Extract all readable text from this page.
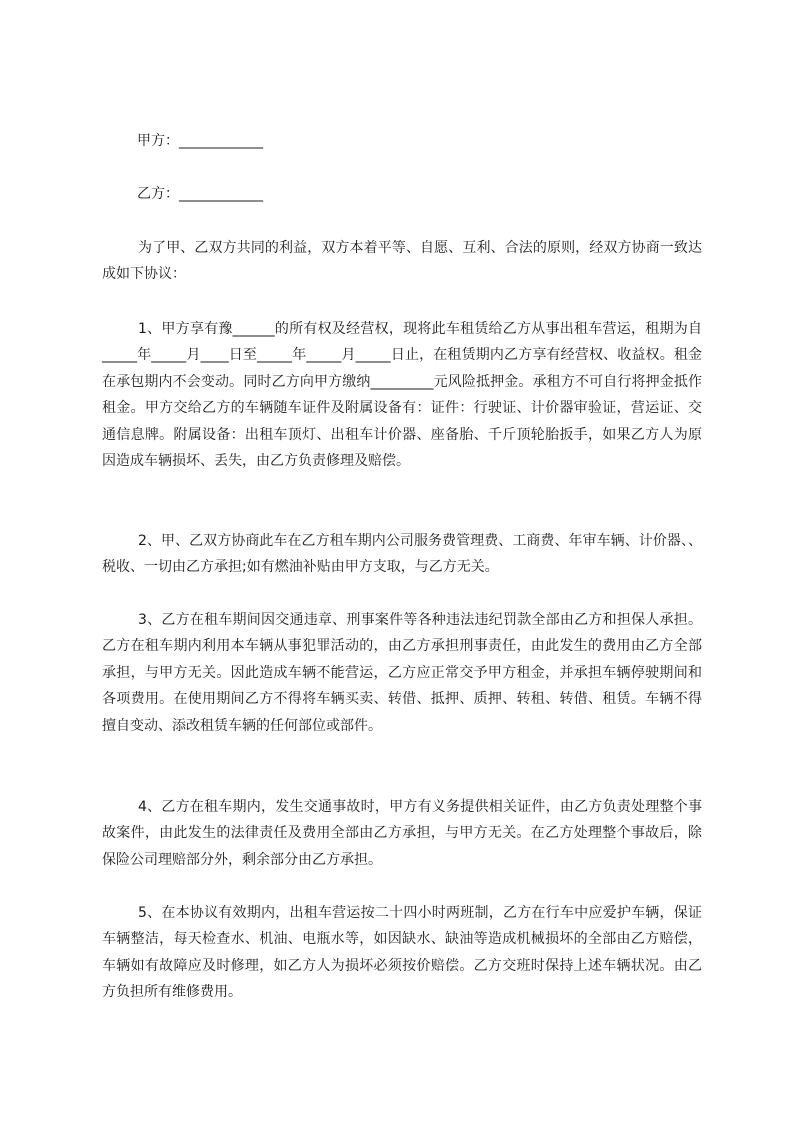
甲方：____________
乙方：____________

为了甲、乙双方共同的利益，双方本着平等、自愿、互利、合法的原则，经双方协商一致达成如下协议：

1、甲方享有豫______的所有权及经营权，现将此车租赁给乙方从事出租车营运，租期为自_____年_____月____日至_____年_____月_____日止，在租赁期内乙方享有经营权、收益权。租金在承包期内不会变动。同时乙方向甲方缴纳_________元风险抵押金。承租方不可自行将押金抵作租金。甲方交给乙方的车辆随车证件及附属设备有：证件：行驶证、计价器审验证，营运证、交通信息牌。附属设备：出租车顶灯、出租车计价器、座备胎、千斤顶轮胎扳手，如果乙方人为原因造成车辆损坏、丢失，由乙方负责修理及赔偿。

2、甲、乙双方协商此车在乙方租车期内公司服务费管理费、工商费、年审车辆、计价器、、税收、一切由乙方承担;如有燃油补贴由甲方支取，与乙方无关。

3、乙方在租车期间因交通违章、刑事案件等各种违法违纪罚款全部由乙方和担保人承担。乙方在租车期内利用本车辆从事犯罪活动的，由乙方承担刑事责任，由此发生的费用由乙方全部承担，与甲方无关。因此造成车辆不能营运，乙方应正常交予甲方租金，并承担车辆停驶期间和各项费用。在使用期间乙方不得将车辆买卖、转借、抵押、质押、转租、转借、租赁。车辆不得擅自变动、添改租赁车辆的任何部位或部件。

4、乙方在租车期内，发生交通事故时，甲方有义务提供相关证件，由乙方负责处理整个事故案件，由此发生的法律责任及费用全部由乙方承担，与甲方无关。在乙方处理整个事故后，除保险公司理赔部分外，剩余部分由乙方承担。

5、在本协议有效期内，出租车营运按二十四小时两班制，乙方在行车中应爱护车辆，保证车辆整洁，每天检查水、机油、电瓶水等，如因缺水、缺油等造成机械损坏的全部由乙方赔偿，车辆如有故障应及时修理，如乙方人为损坏必须按价赔偿。乙方交班时保持上述车辆状况。由乙方负担所有维修费用。
